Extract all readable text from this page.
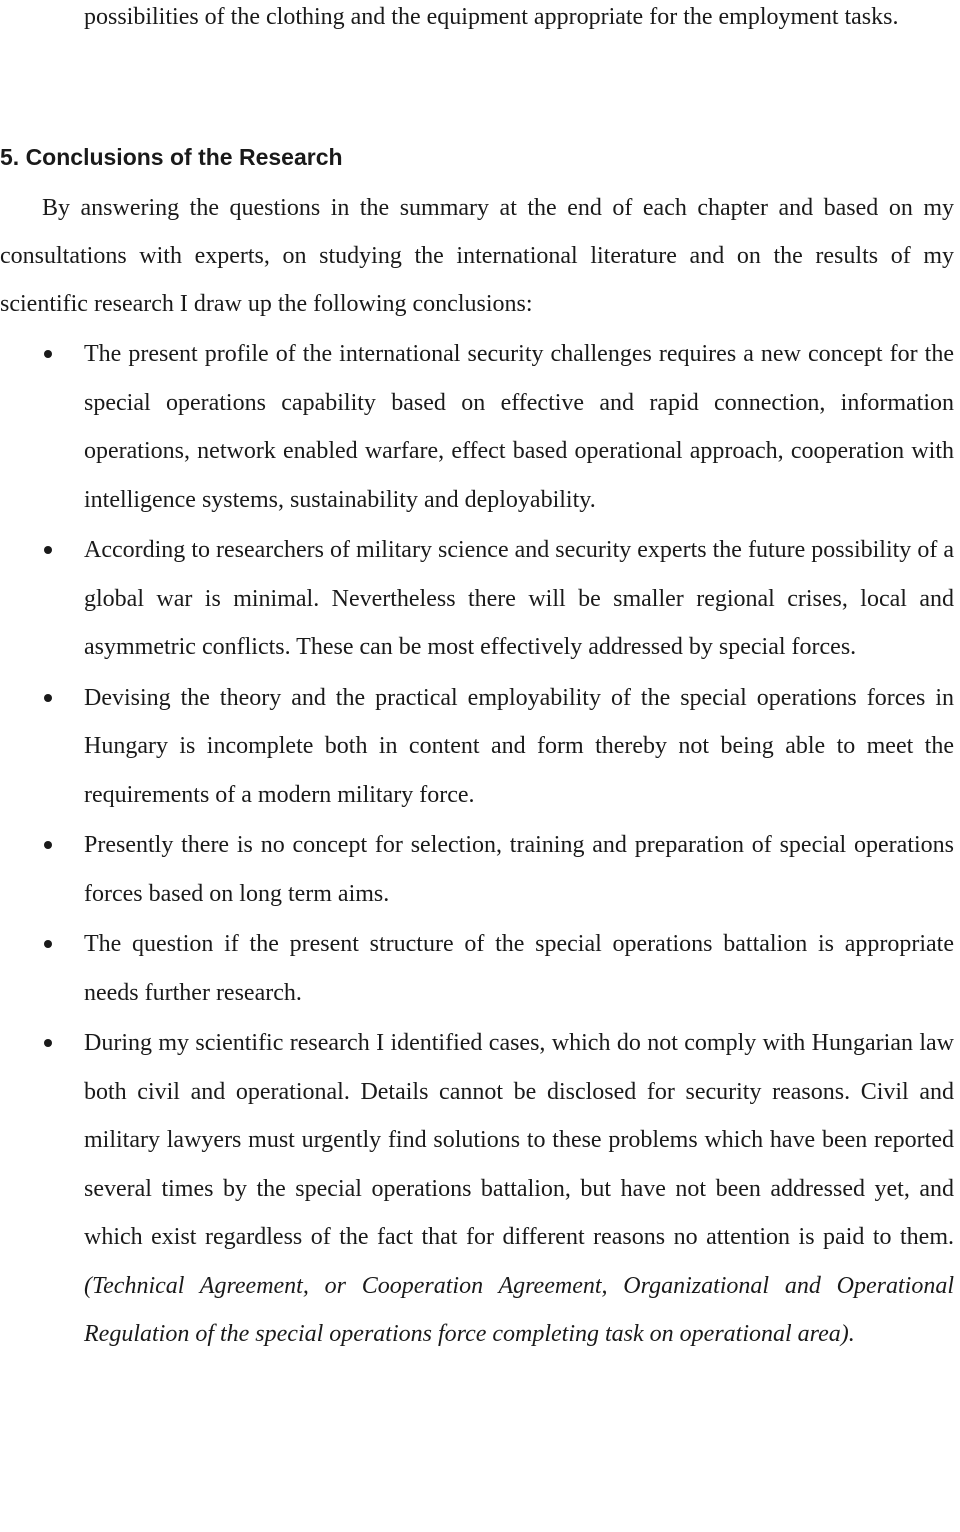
possibilities of the clothing and the equipment appropriate for the employment tasks.
5. Conclusions of the Research
By answering the questions in the summary at the end of each chapter and based on my consultations with experts, on studying the international literature and on the results of my scientific research I draw up the following conclusions:
The present profile of the international security challenges requires a new concept for the special operations capability based on effective and rapid connection, information operations, network enabled warfare, effect based operational approach, cooperation with intelligence systems, sustainability and deployability.
According to researchers of military science and security experts the future possibility of a global war is minimal. Nevertheless there will be smaller regional crises, local and asymmetric conflicts. These can be most effectively addressed by special forces.
Devising the theory and the practical employability of the special operations forces in Hungary is incomplete both in content and form thereby not being able to meet the requirements of a modern military force.
Presently there is no concept for selection, training and preparation of special operations forces based on long term aims.
The question if the present structure of the special operations battalion is appropriate needs further research.
During my scientific research I identified cases, which do not comply with Hungarian law both civil and operational. Details cannot be disclosed for security reasons. Civil and military lawyers must urgently find solutions to these problems which have been reported several times by the special operations battalion, but have not been addressed yet, and which exist regardless of the fact that for different reasons no attention is paid to them. (Technical Agreement, or Cooperation Agreement, Organizational and Operational Regulation of the special operations force completing task on operational area).
